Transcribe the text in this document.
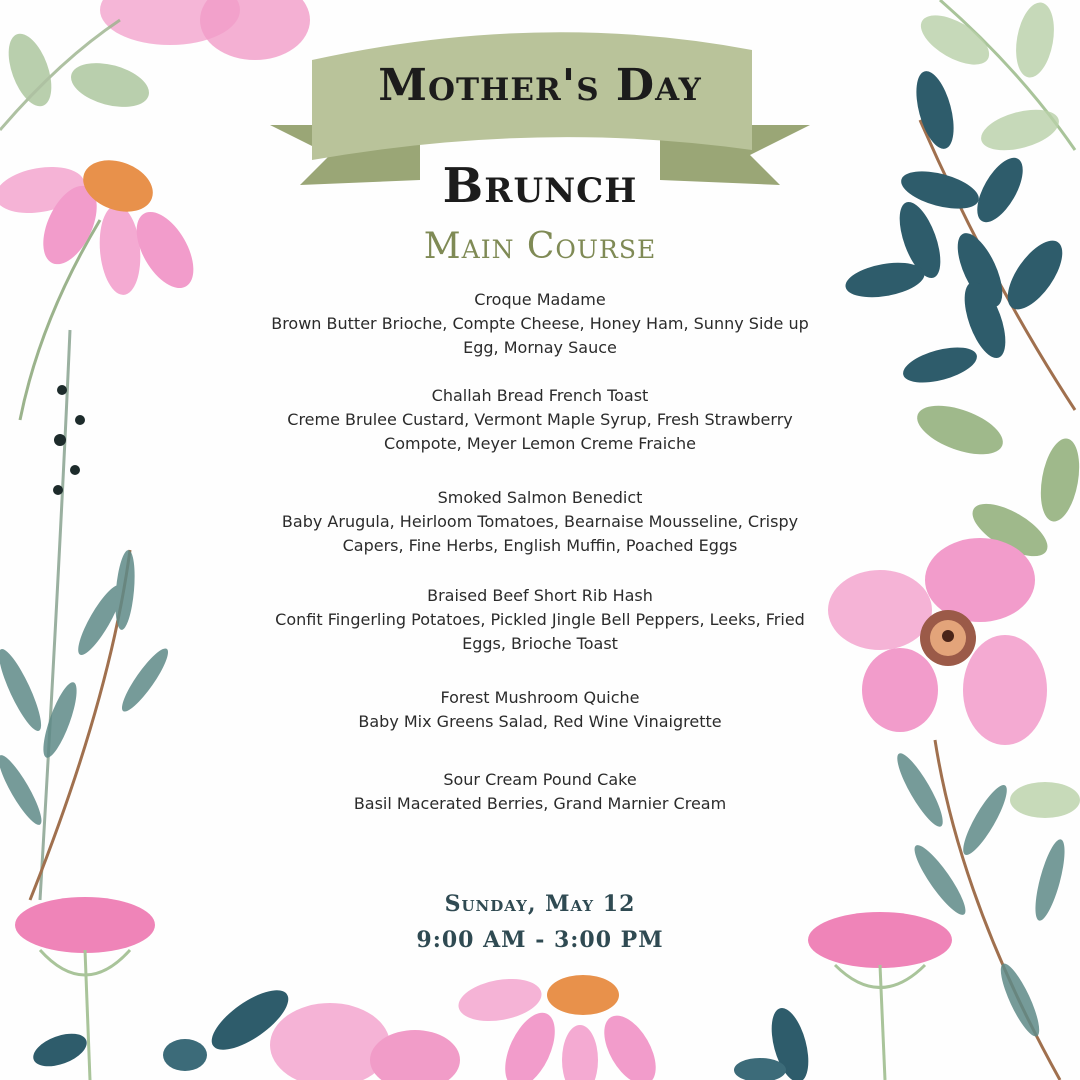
Mother's Day
Brunch
Main Course
Croque Madame
Brown Butter Brioche, Compte Cheese, Honey Ham, Sunny Side up Egg, Mornay Sauce
Challah Bread French Toast
Creme Brulee Custard, Vermont Maple Syrup, Fresh Strawberry Compote, Meyer Lemon Creme Fraiche
Smoked Salmon Benedict
Baby Arugula, Heirloom Tomatoes, Bearnaise Mousseline, Crispy Capers, Fine Herbs, English Muffin, Poached Eggs
Braised Beef Short Rib Hash
Confit Fingerling Potatoes, Pickled Jingle Bell Peppers, Leeks, Fried Eggs, Brioche Toast
Forest Mushroom Quiche
Baby Mix Greens Salad, Red Wine Vinaigrette
Sour Cream Pound Cake
Basil Macerated Berries, Grand Marnier Cream
Sunday, May 12
9:00 AM - 3:00 PM
